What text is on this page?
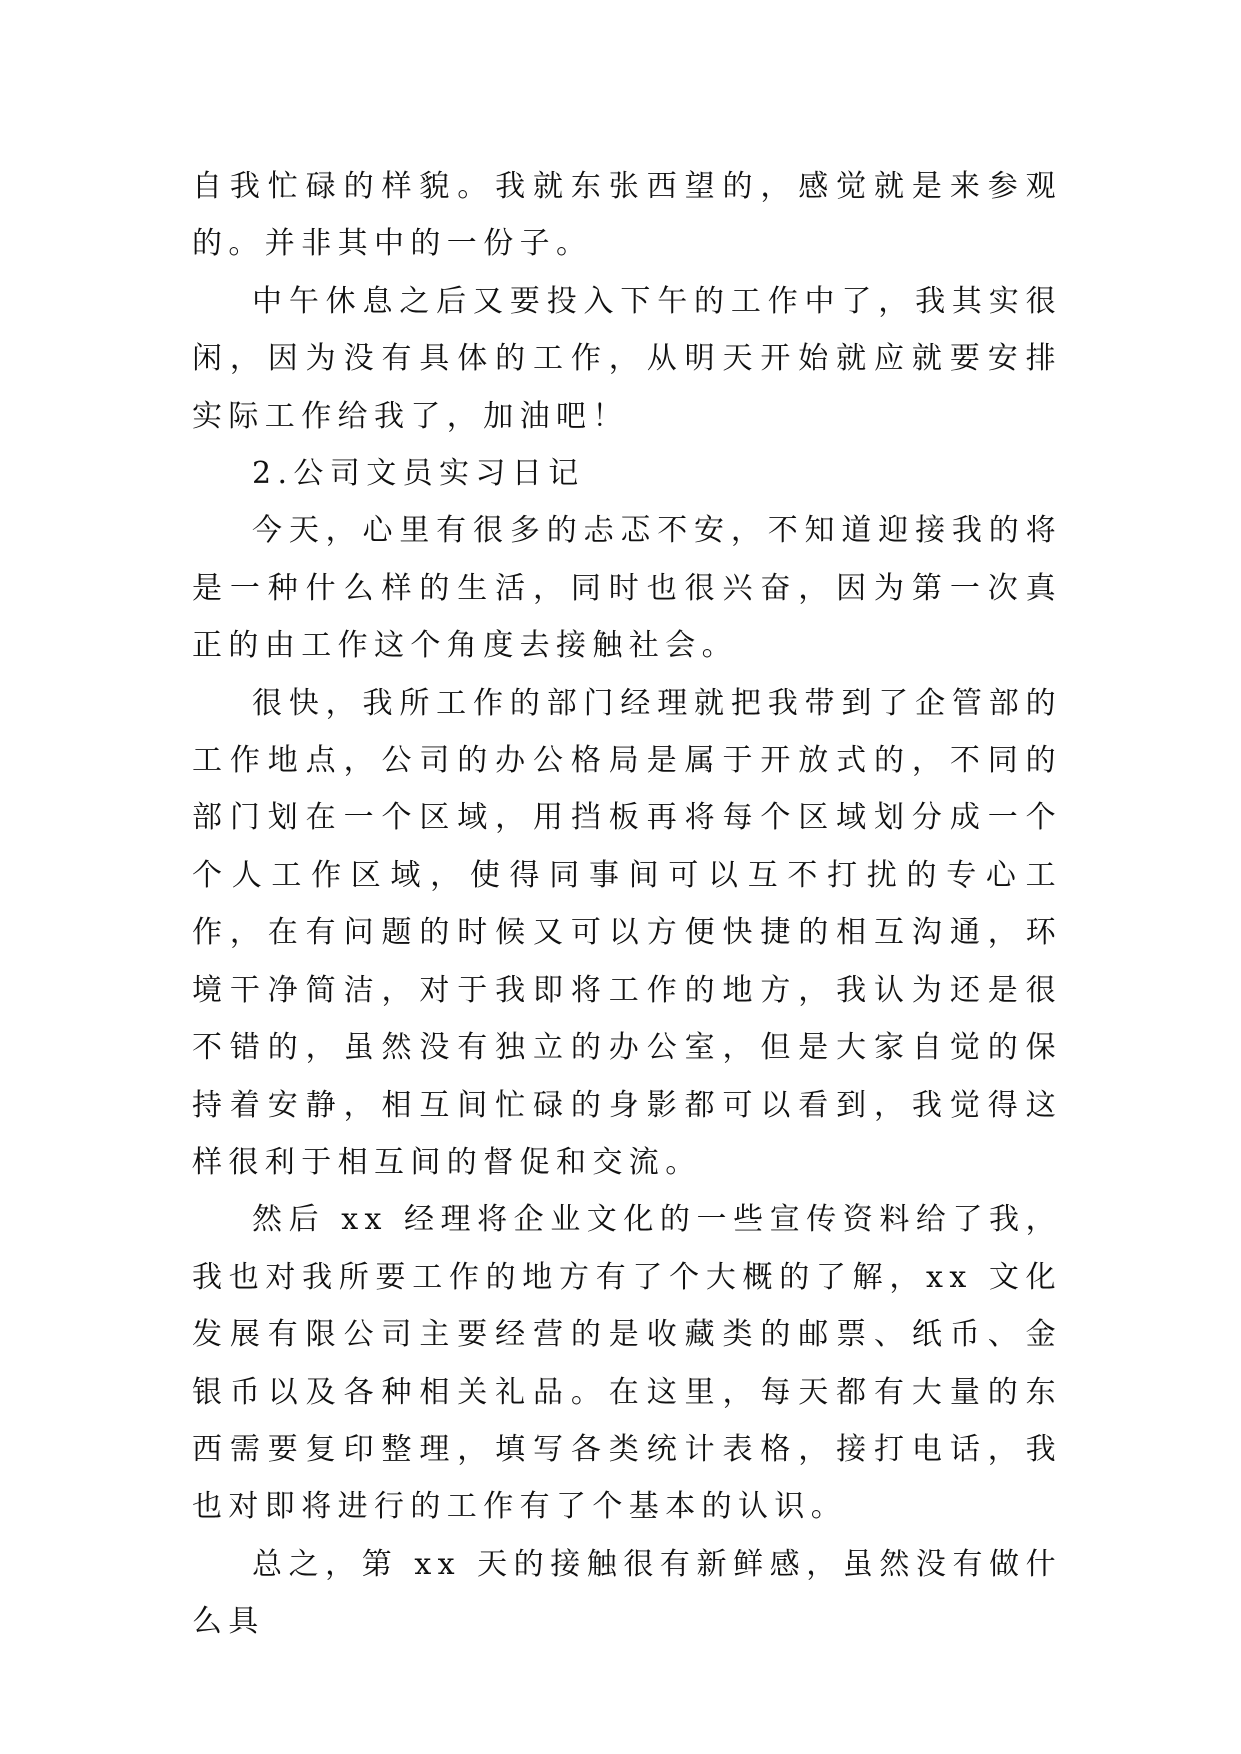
自我忙碌的样貌。我就东张西望的，感觉就是来参观的。并非其中的一份子。

中午休息之后又要投入下午的工作中了，我其实很闲，因为没有具体的工作，从明天开始就应就要安排实际工作给我了，加油吧！

2.公司文员实习日记

今天，心里有很多的忐忑不安，不知道迎接我的将是一种什么样的生活，同时也很兴奋，因为第一次真正的由工作这个角度去接触社会。

很快，我所工作的部门经理就把我带到了企管部的工作地点，公司的办公格局是属于开放式的，不同的部门划在一个区域，用挡板再将每个区域划分成一个个人工作区域，使得同事间可以互不打扰的专心工作，在有问题的时候又可以方便快捷的相互沟通，环境干净简洁，对于我即将工作的地方，我认为还是很不错的，虽然没有独立的办公室，但是大家自觉的保持着安静，相互间忙碌的身影都可以看到，我觉得这样很利于相互间的督促和交流。

然后 xx 经理将企业文化的一些宣传资料给了我，我也对我所要工作的地方有了个大概的了解，xx 文化发展有限公司主要经营的是收藏类的邮票、纸币、金银币以及各种相关礼品。在这里，每天都有大量的东西需要复印整理，填写各类统计表格，接打电话，我也对即将进行的工作有了个基本的认识。

总之，第 xx 天的接触很有新鲜感，虽然没有做什么具
